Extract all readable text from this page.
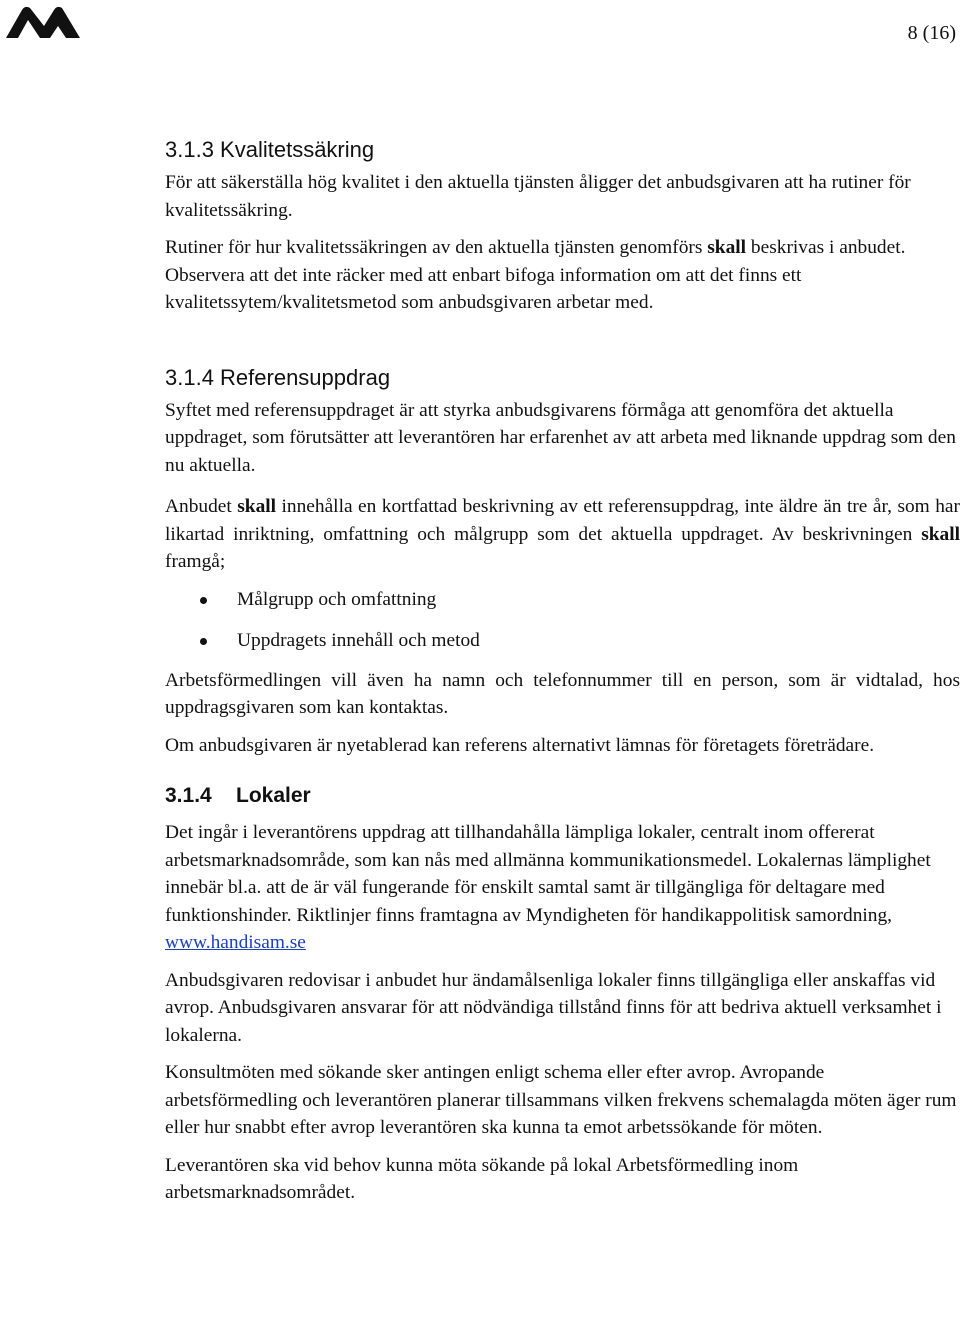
8 (16)
3.1.3 Kvalitetssäkring

För att säkerställa hög kvalitet i den aktuella tjänsten åligger det anbudsgivaren att ha rutiner för kvalitetssäkring.

Rutiner för hur kvalitetssäkringen av den aktuella tjänsten genomförs skall beskrivas i anbudet. Observera att det inte räcker med att enbart bifoga information om att det finns ett kvalitetssytem/kvalitetsmetod som anbudsgivaren arbetar med.

3.1.4 Referensuppdrag

Syftet med referensuppdraget är att styrka anbudsgivarens förmåga att genomföra det aktuella uppdraget, som förutsätter att leverantören har erfarenhet av att arbeta med liknande uppdrag som den nu aktuella.

Anbudet skall innehålla en kortfattad beskrivning av ett referensuppdrag, inte äldre än tre år, som har likartad inriktning, omfattning och målgrupp som det aktuella uppdraget. Av beskrivningen skall framgå;

Målgrupp och omfattning
Uppdragets innehåll och metod

Arbetsförmedlingen vill även ha namn och telefonnummer till en person, som är vidtalad, hos uppdragsgivaren som kan kontaktas.

Om anbudsgivaren är nyetablerad kan referens alternativt lämnas för företagets företrädare.

3.1.4 Lokaler

Det ingår i leverantörens uppdrag att tillhandahålla lämpliga lokaler, centralt inom offererat arbetsmarknadsområde, som kan nås med allmänna kommunikationsmedel. Lokalernas lämplighet innebär bl.a. att de är väl fungerande för enskilt samtal samt är tillgängliga för deltagare med funktionshinder. Riktlinjer finns framtagna av Myndigheten för handikappolitisk samordning, www.handisam.se

Anbudsgivaren redovisar i anbudet hur ändamålsenliga lokaler finns tillgängliga eller anskaffas vid avrop. Anbudsgivaren ansvarar för att nödvändiga tillstånd finns för att bedriva aktuell verksamhet i lokalerna.

Konsultmöten med sökande sker antingen enligt schema eller efter avrop. Avropande arbetsförmedling och leverantören planerar tillsammans vilken frekvens schemalagda möten äger rum eller hur snabbt efter avrop leverantören ska kunna ta emot arbetssökande för möten.

Leverantören ska vid behov kunna möta sökande på lokal Arbetsförmedling inom arbetsmarknadsområdet.
